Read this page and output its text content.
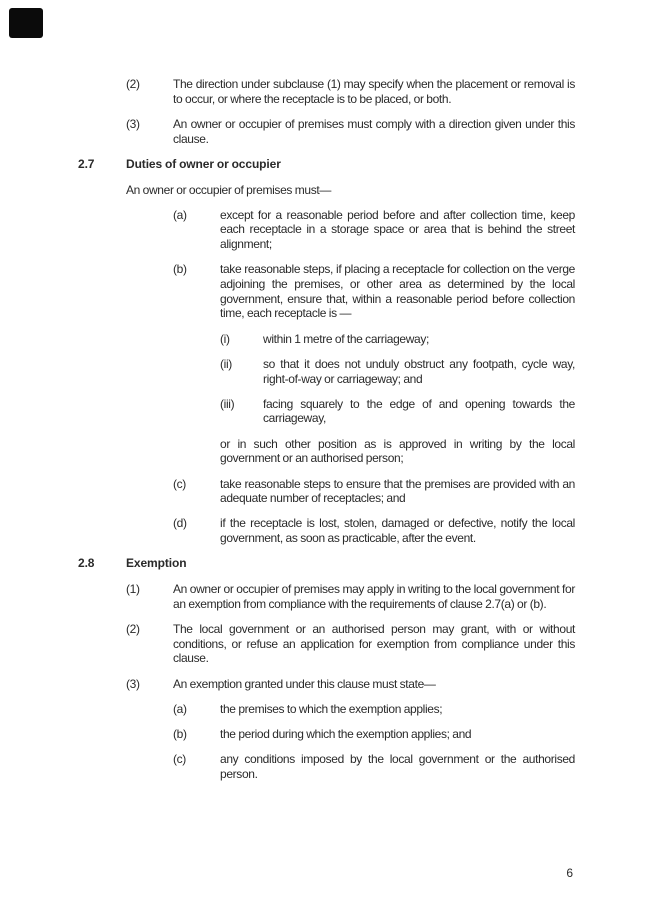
(2)	The direction under subclause (1) may specify when the placement or removal is to occur, or where the receptacle is to be placed, or both.
(3)	An owner or occupier of premises must comply with a direction given under this clause.
2.7	Duties of owner or occupier
An owner or occupier of premises must—
(a)	except for a reasonable period before and after collection time, keep each receptacle in a storage space or area that is behind the street alignment;
(b)	take reasonable steps, if placing a receptacle for collection on the verge adjoining the premises, or other area as determined by the local government, ensure that, within a reasonable period before collection time, each receptacle is —
(i)	within 1 metre of the carriageway;
(ii)	so that it does not unduly obstruct any footpath, cycle way, right-of-way or carriageway; and
(iii)	facing squarely to the edge of and opening towards the carriageway,
or in such other position as is approved in writing by the local government or an authorised person;
(c)	take reasonable steps to ensure that the premises are provided with an adequate number of receptacles; and
(d)	if the receptacle is lost, stolen, damaged or defective, notify the local government, as soon as practicable, after the event.
2.8	Exemption
(1)	An owner or occupier of premises may apply in writing to the local government for an exemption from compliance with the requirements of clause 2.7(a) or (b).
(2)	The local government or an authorised person may grant, with or without conditions, or refuse an application for exemption from compliance under this clause.
(3)	An exemption granted under this clause must state—
(a)	the premises to which the exemption applies;
(b)	the period during which the exemption applies; and
(c)	any conditions imposed by the local government or the authorised person.
6
